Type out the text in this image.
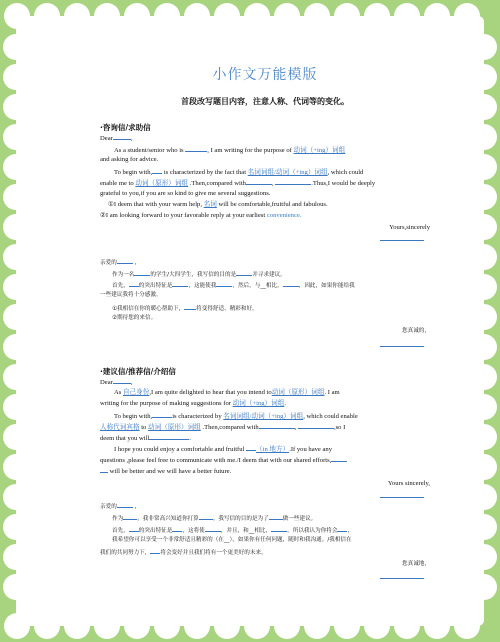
小作文万能模版
首段改写题目内容，注意人称、代词等的变化。
·咨询信/求助信
Dear	,
As a student/senior who is	, I am writing for the purpose of 动词（+ing）词组
and asking for advice.
To begin with, is characterized by the fact that 名词词组/动词（+ing）词组, which could
enable me to 动词（原形）词组 .Then,compared with	,	.Thus,I would be deeply
grateful to you,if you are so kind to give me several suggestions.
①I deem that with your warm help, 名词 will be comfortable,fruitful and fabulous.
②I am looking forward to your favorable reply at your earliest convenience.
Yours,sincerely
亲爱的	，
作为一名	的学生/大四学生，我写信的目的是	并寻求建议。
首先， 的突出特征是	，这能使我	，然后，与__相比，	，因此，如果你能给我
一些建议我将十分感激。
①我相信在你的暖心帮助下， 将变得舒适、精彩和好。
②期待您的来信。
您真诚的，
·建议信/推荐信/介绍信
Dear	,
As 自己身份,I am quite delighted to hear that you intend to动词（原形）词组. I am
writing for the purpose of making suggestions for 动词（+ing）词组.
To begin with,	is characterized by 名词词组/动词（+ing）词组, which could enable
人称代词宾格 to 动词（原形）词组 .Then,compared with	,	,so I
deem that you will	.
I hope you could enjoy a comfortable and fruitful （in 地方）.If you have any
questions ,please feel free to communicate with me./I deem that with our shared efforts,
will be better and we will have a better future.
Yours sincerely,
亲爱的	，
作为	，我非常高兴知道你打算	。我写信的目的是为了	做一些建议。
首先， 的突出特征是 ，这将使	，并且，和__相比，	，所以我认为你将会 ，
我希望你可以享受一个非常舒适且精彩的（在__），如果你有任何问题，随时和我沟通。/我相信在
我们的共同努力下， 将会变好并且我们将有一个更美好的未来。
您真诚地，
